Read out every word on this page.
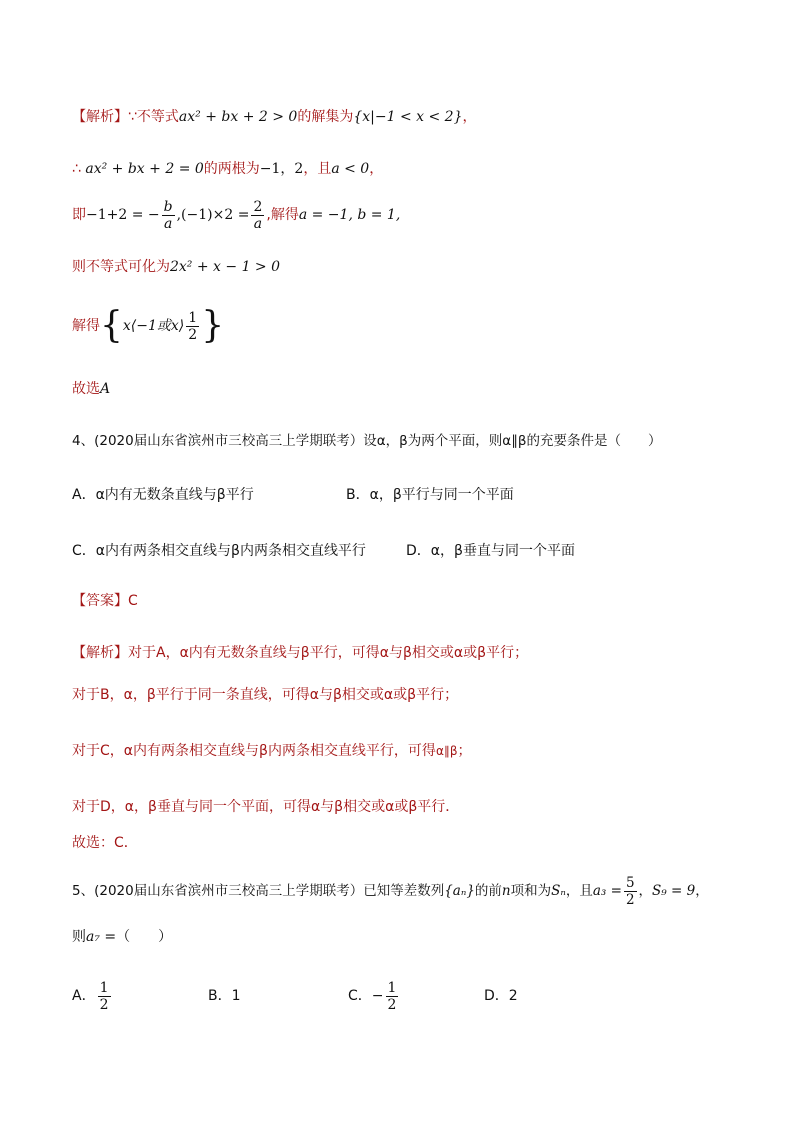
【解析】∵不等式ax² + bx + 2 > 0的解集为{x|−1 < x < 2}，
∴ ax² + bx + 2 = 0的两根为−1，2，且a < 0，
即−1+2 = − $\frac{b}{a} ,(-1)\times 2 = \frac{2}{a}$ ,解得a = −1, b = 1,
则不等式可化为2x² + x − 1 > 0
解得{x⟨−1或x⟩ $\frac{1}{2}$ }
故选A
4、(2020届山东省滨州市三校高三上学期联考）设α，β为两个平面，则α∥β的充要条件是（　　）
A．α内有无数条直线与β平行	B．α，β平行与同一个平面
C．α内有两条相交直线与β内两条相交直线平行	D．α，β垂直与同一个平面
【答案】C
【解析】对于A，α内有无数条直线与β平行，可得α与β相交或α或β平行；
对于B，α，β平行于同一条直线，可得α与β相交或α或β平行；
对于C，α内有两条相交直线与β内两条相交直线平行，可得α∥β；
对于D，α，β垂直与同一个平面，可得α与β相交或α或β平行．
故选：C．
5、(2020届山东省滨州市三校高三上学期联考）已知等差数列{aₙ}的前n项和为Sₙ，且$a_3 = \frac{5}{2}$ ，S₉ = 9，
则a₇ =（　　）
A． $\frac{1}{2}$	B．1	C．− $\frac{1}{2}$	D．2
